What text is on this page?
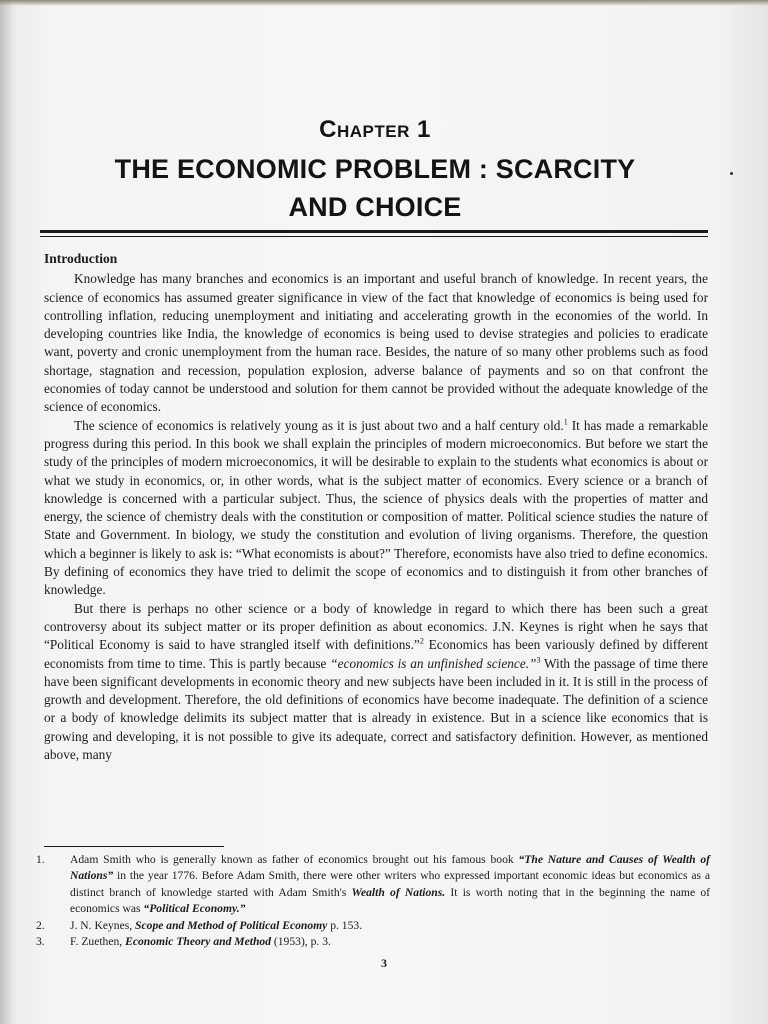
Chapter 1
THE ECONOMIC PROBLEM : SCARCITY
AND CHOICE
Introduction

Knowledge has many branches and economics is an important and useful branch of knowledge. In recent years, the science of economics has assumed greater significance in view of the fact that knowledge of economics is being used for controlling inflation, reducing unemployment and initiating and accelerating growth in the economies of the world. In developing countries like India, the knowledge of economics is being used to devise strategies and policies to eradicate want, poverty and cronic unemployment from the human race. Besides, the nature of so many other problems such as food shortage, stagnation and recession, population explosion, adverse balance of payments and so on that confront the economies of today cannot be understood and solution for them cannot be provided without the adequate knowledge of the science of economics.

The science of economics is relatively young as it is just about two and a half century old.$^1$ It has made a remarkable progress during this period. In this book we shall explain the principles of modern microeconomics. But before we start the study of the principles of modern microeconomics, it will be desirable to explain to the students what economics is about or what we study in economics, or, in other words, what is the subject matter of economics. Every science or a branch of knowledge is concerned with a particular subject. Thus, the science of physics deals with the properties of matter and energy, the science of chemistry deals with the constitution or composition of matter. Political science studies the nature of State and Government. In biology, we study the constitution and evolution of living organisms. Therefore, the question which a beginner is likely to ask is: “What economists is about?” Therefore, economists have also tried to define economics. By defining of economics they have tried to delimit the scope of economics and to distinguish it from other branches of knowledge.

But there is perhaps no other science or a body of knowledge in regard to which there has been such a great controversy about its subject matter or its proper definition as about economics. J.N. Keynes is right when he says that “Political Economy is said to have strangled itself with definitions.”$^2$ Economics has been variously defined by different economists from time to time. This is partly because “economics is an unfinished science.”$^3$ With the passage of time there have been significant developments in economic theory and new subjects have been included in it. It is still in the process of growth and development. Therefore, the old definitions of economics have become inadequate. The definition of a science or a body of knowledge delimits its subject matter that is already in existence. But in a science like economics that is growing and developing, it is not possible to give its adequate, correct and satisfactory definition. However, as mentioned above, many

1.	Adam Smith who is generally known as father of economics brought out his famous book “The Nature and Causes of Wealth of Nations” in the year 1776. Before Adam Smith, there were other writers who expressed important economic ideas but economics as a distinct branch of knowledge started with Adam Smith's Wealth of Nations. It is worth noting that in the beginning the name of economics was “Political Economy.”
2.	J. N. Keynes, Scope and Method of Political Economy p. 153.
3.	F. Zuethen, Economic Theory and Method (1953), p. 3.
3
